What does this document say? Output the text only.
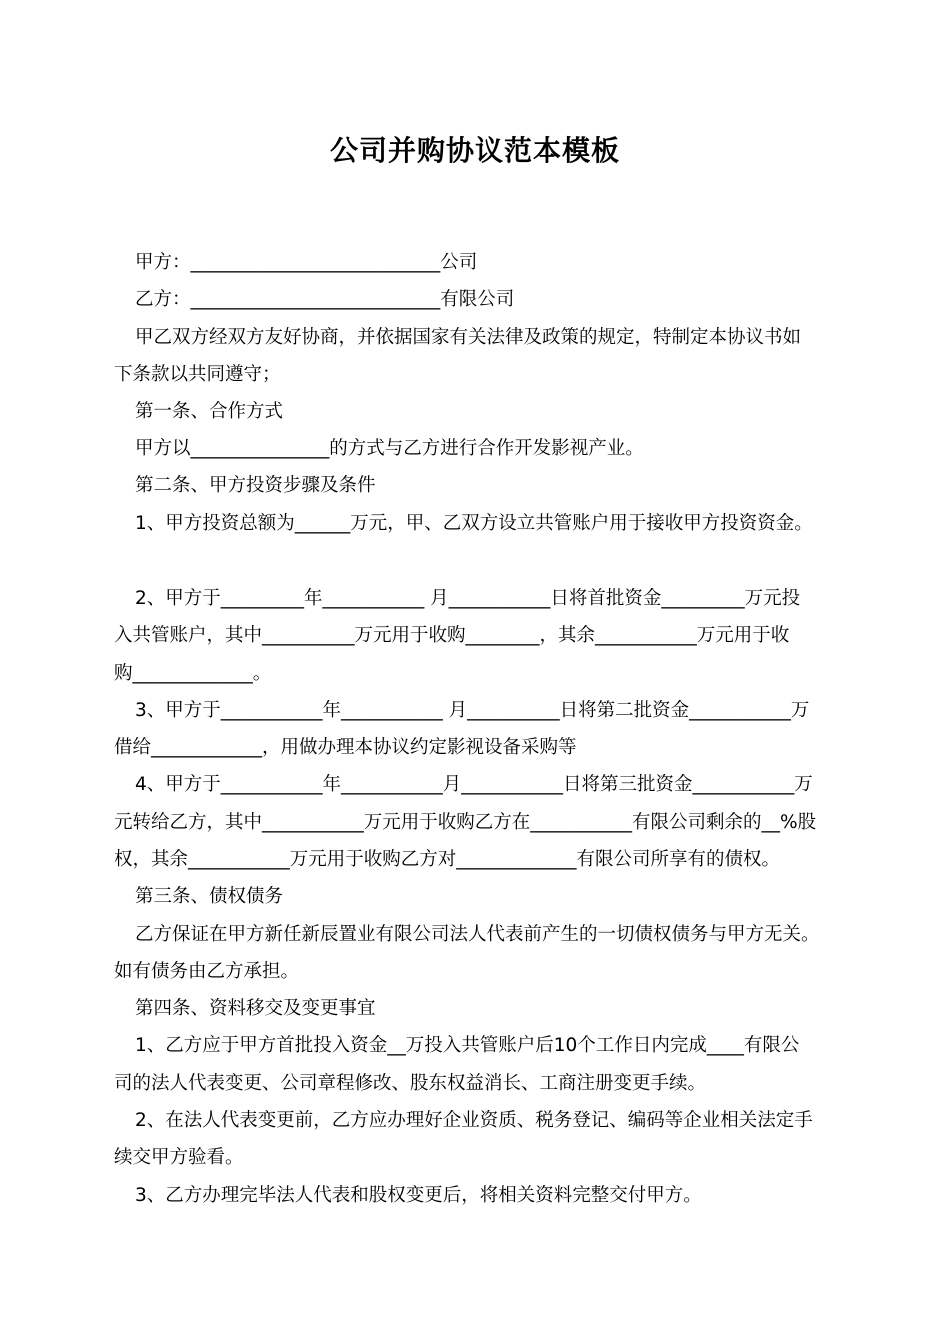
公司并购协议范本模板
甲方：___________________________公司
乙方：___________________________有限公司
甲乙双方经双方友好协商，并依据国家有关法律及政策的规定，特制定本协议书如
下条款以共同遵守；
第一条、合作方式
甲方以_______________的方式与乙方进行合作开发影视产业。
第二条、甲方投资步骤及条件
1、甲方投资总额为______万元，甲、乙双方设立共管账户用于接收甲方投资资金。
2、甲方于_________年___________ 月___________日将首批资金_________万元投
入共管账户，其中__________万元用于收购________，其余___________万元用于收
购_____________。
3、甲方于___________年___________ 月__________日将第二批资金___________万
借给____________，用做办理本协议约定影视设备采购等
4、甲方于___________年___________月___________日将第三批资金___________万
元转给乙方，其中___________万元用于收购乙方在___________有限公司剩余的__%股
权，其余___________万元用于收购乙方对_____________有限公司所享有的债权。
第三条、债权债务
乙方保证在甲方新任新辰置业有限公司法人代表前产生的一切债权债务与甲方无关。
如有债务由乙方承担。
第四条、资料移交及变更事宜
1、乙方应于甲方首批投入资金__万投入共管账户后10个工作日内完成____有限公
司的法人代表变更、公司章程修改、股东权益消长、工商注册变更手续。
2、在法人代表变更前，乙方应办理好企业资质、税务登记、编码等企业相关法定手
续交甲方验看。
3、乙方办理完毕法人代表和股权变更后，将相关资料完整交付甲方。
